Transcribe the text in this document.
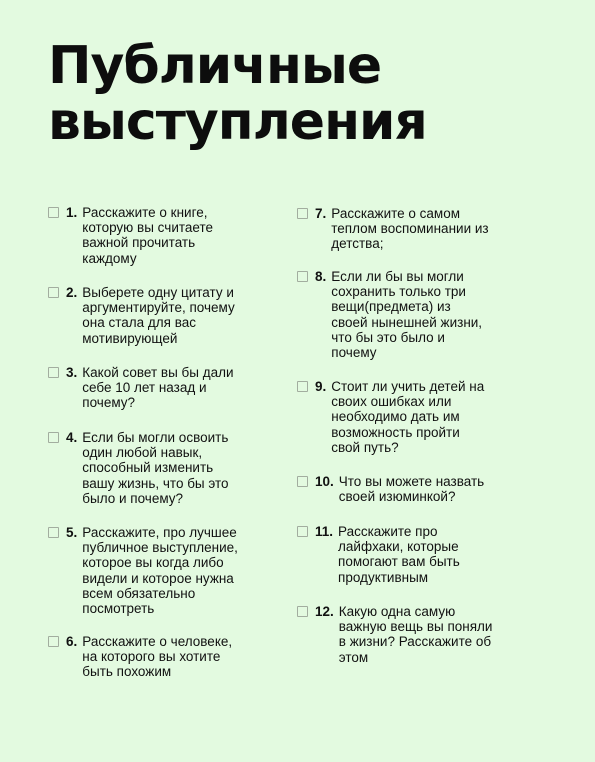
Публичные
выступления
1. Расскажите о книге,
которую вы считаете
важной прочитать
каждому
2. Выберете одну цитату и
аргументируйте, почему
она стала для вас
мотивирующей
3. Какой совет вы бы дали
себе 10 лет назад и
почему?
4. Если бы могли освоить
один любой навык,
способный изменить
вашу жизнь, что бы это
было и почему?
5. Расскажите, про лучшее
публичное выступление,
которое вы когда либо
видели и которое нужна
всем обязательно
посмотреть
6. Расскажите о человеке,
на которого вы хотите
быть похожим
7. Расскажите о самом
теплом воспоминании из
детства;
8. Если ли бы вы могли
сохранить только три
вещи(предмета) из
своей нынешней жизни,
что бы это было и
почему
9. Стоит ли учить детей на
своих ошибках или
необходимо дать им
возможность пройти
свой путь?
10. Что вы можете назвать
своей изюминкой?
11. Расскажите про
лайфхаки, которые
помогают вам быть
продуктивным
12. Какую одна самую
важную вещь вы поняли
в жизни? Расскажите об
этом
